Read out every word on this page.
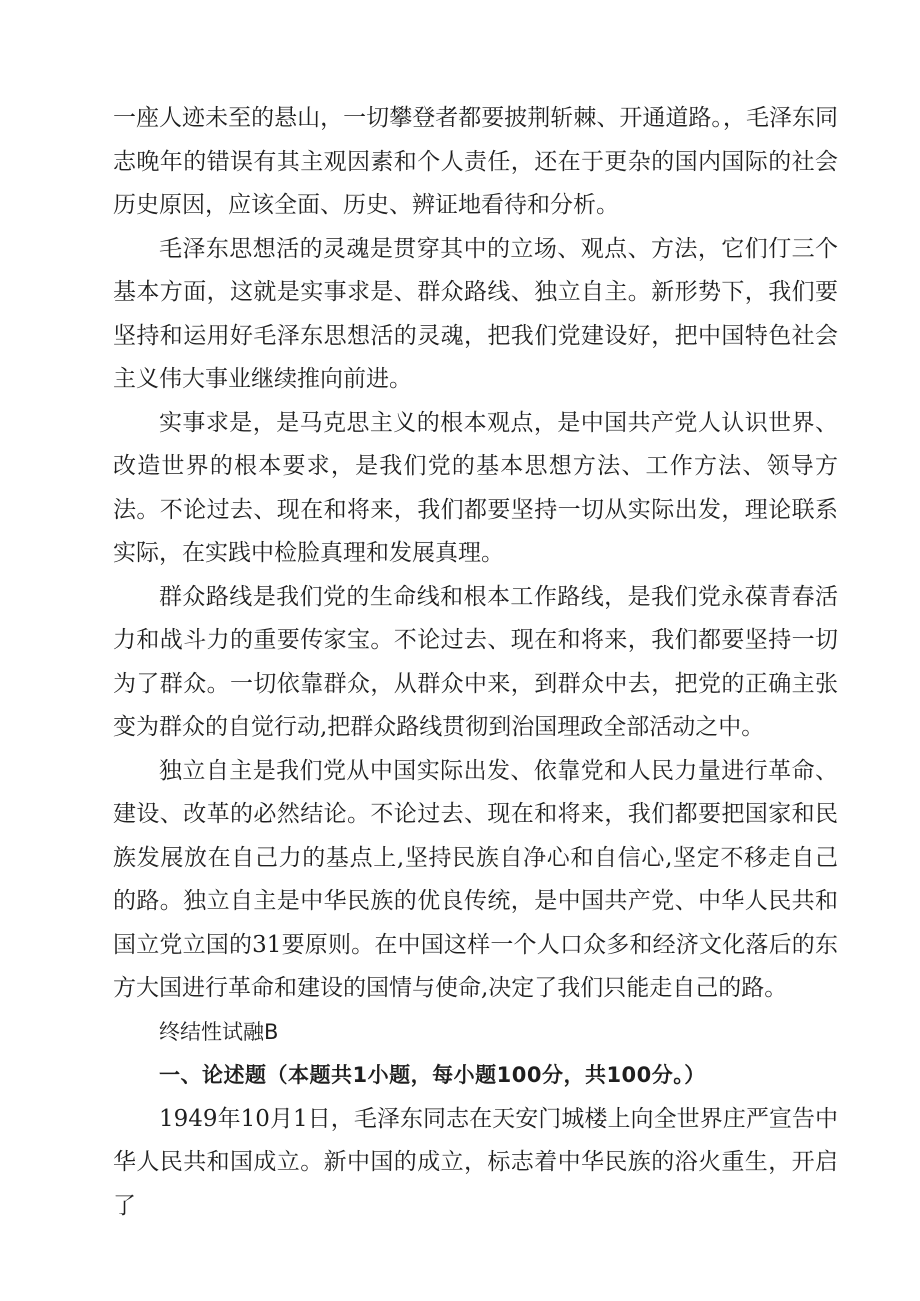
一座人迹未至的悬山，一切攀登者都要披荆斩棘、开通道路。，毛泽东同志晚年的错误有其主观因素和个人责任，还在于更杂的国内国际的社会历史原因，应该全面、历史、辨证地看待和分析。

毛泽东思想活的灵魂是贯穿其中的立场、观点、方法，它们仃三个基本方面，这就是实事求是、群众路线、独立自主。新形势下，我们要坚持和运用好毛泽东思想活的灵魂，把我们党建设好，把中国特色社会主义伟大事业继续推向前进。

实事求是，是马克思主义的根本观点，是中国共产党人认识世界、改造世界的根本要求，是我们党的基本思想方法、工作方法、领导方法。不论过去、现在和将来，我们都要坚持一切从实际出发，理论联系实际，在实践中检脸真理和发展真理。

群众路线是我们党的生命线和根本工作路线，是我们党永葆青春活力和战斗力的重要传家宝。不论过去、现在和将来，我们都要坚持一切为了群众。一切依靠群众，从群众中来，到群众中去，把党的正确主张变为群众的自觉行动,把群众路线贯彻到治国理政全部活动之中。

独立自主是我们党从中国实际出发、依靠党和人民力量进行革命、建设、改革的必然结论。不论过去、现在和将来，我们都要把国家和民族发展放在自己力的基点上,坚持民族自净心和自信心,坚定不移走自己的路。独立自主是中华民族的优良传统，是中国共产党、中华人民共和国立党立国的31要原则。在中国这样一个人口众多和经济文化落后的东方大国进行革命和建设的国情与使命,决定了我们只能走自己的路。

终结性试融B

一、论述题（本题共1小题，每小题100分，共100分。）

1949年10月1日，毛泽东同志在天安门城楼上向全世界庄严宣告中华人民共和国成立。新中国的成立，标志着中华民族的浴火重生，开启了
